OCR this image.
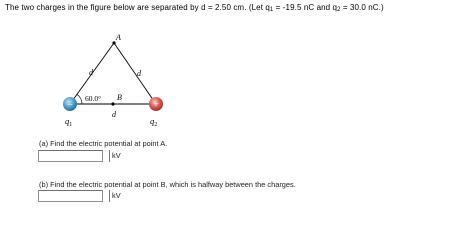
The two charges in the figure below are separated by d = 2.50 cm. (Let $q_1 = -19.5$ nC and $q_2 = 30.0$ nC.)
−	+
A
d	d
60.0° B
d
$q_1$	$q_2$
(a) Find the electric potential at point A.
kV
(b) Find the electric potential at point B, which is halfway between the charges.
kV
